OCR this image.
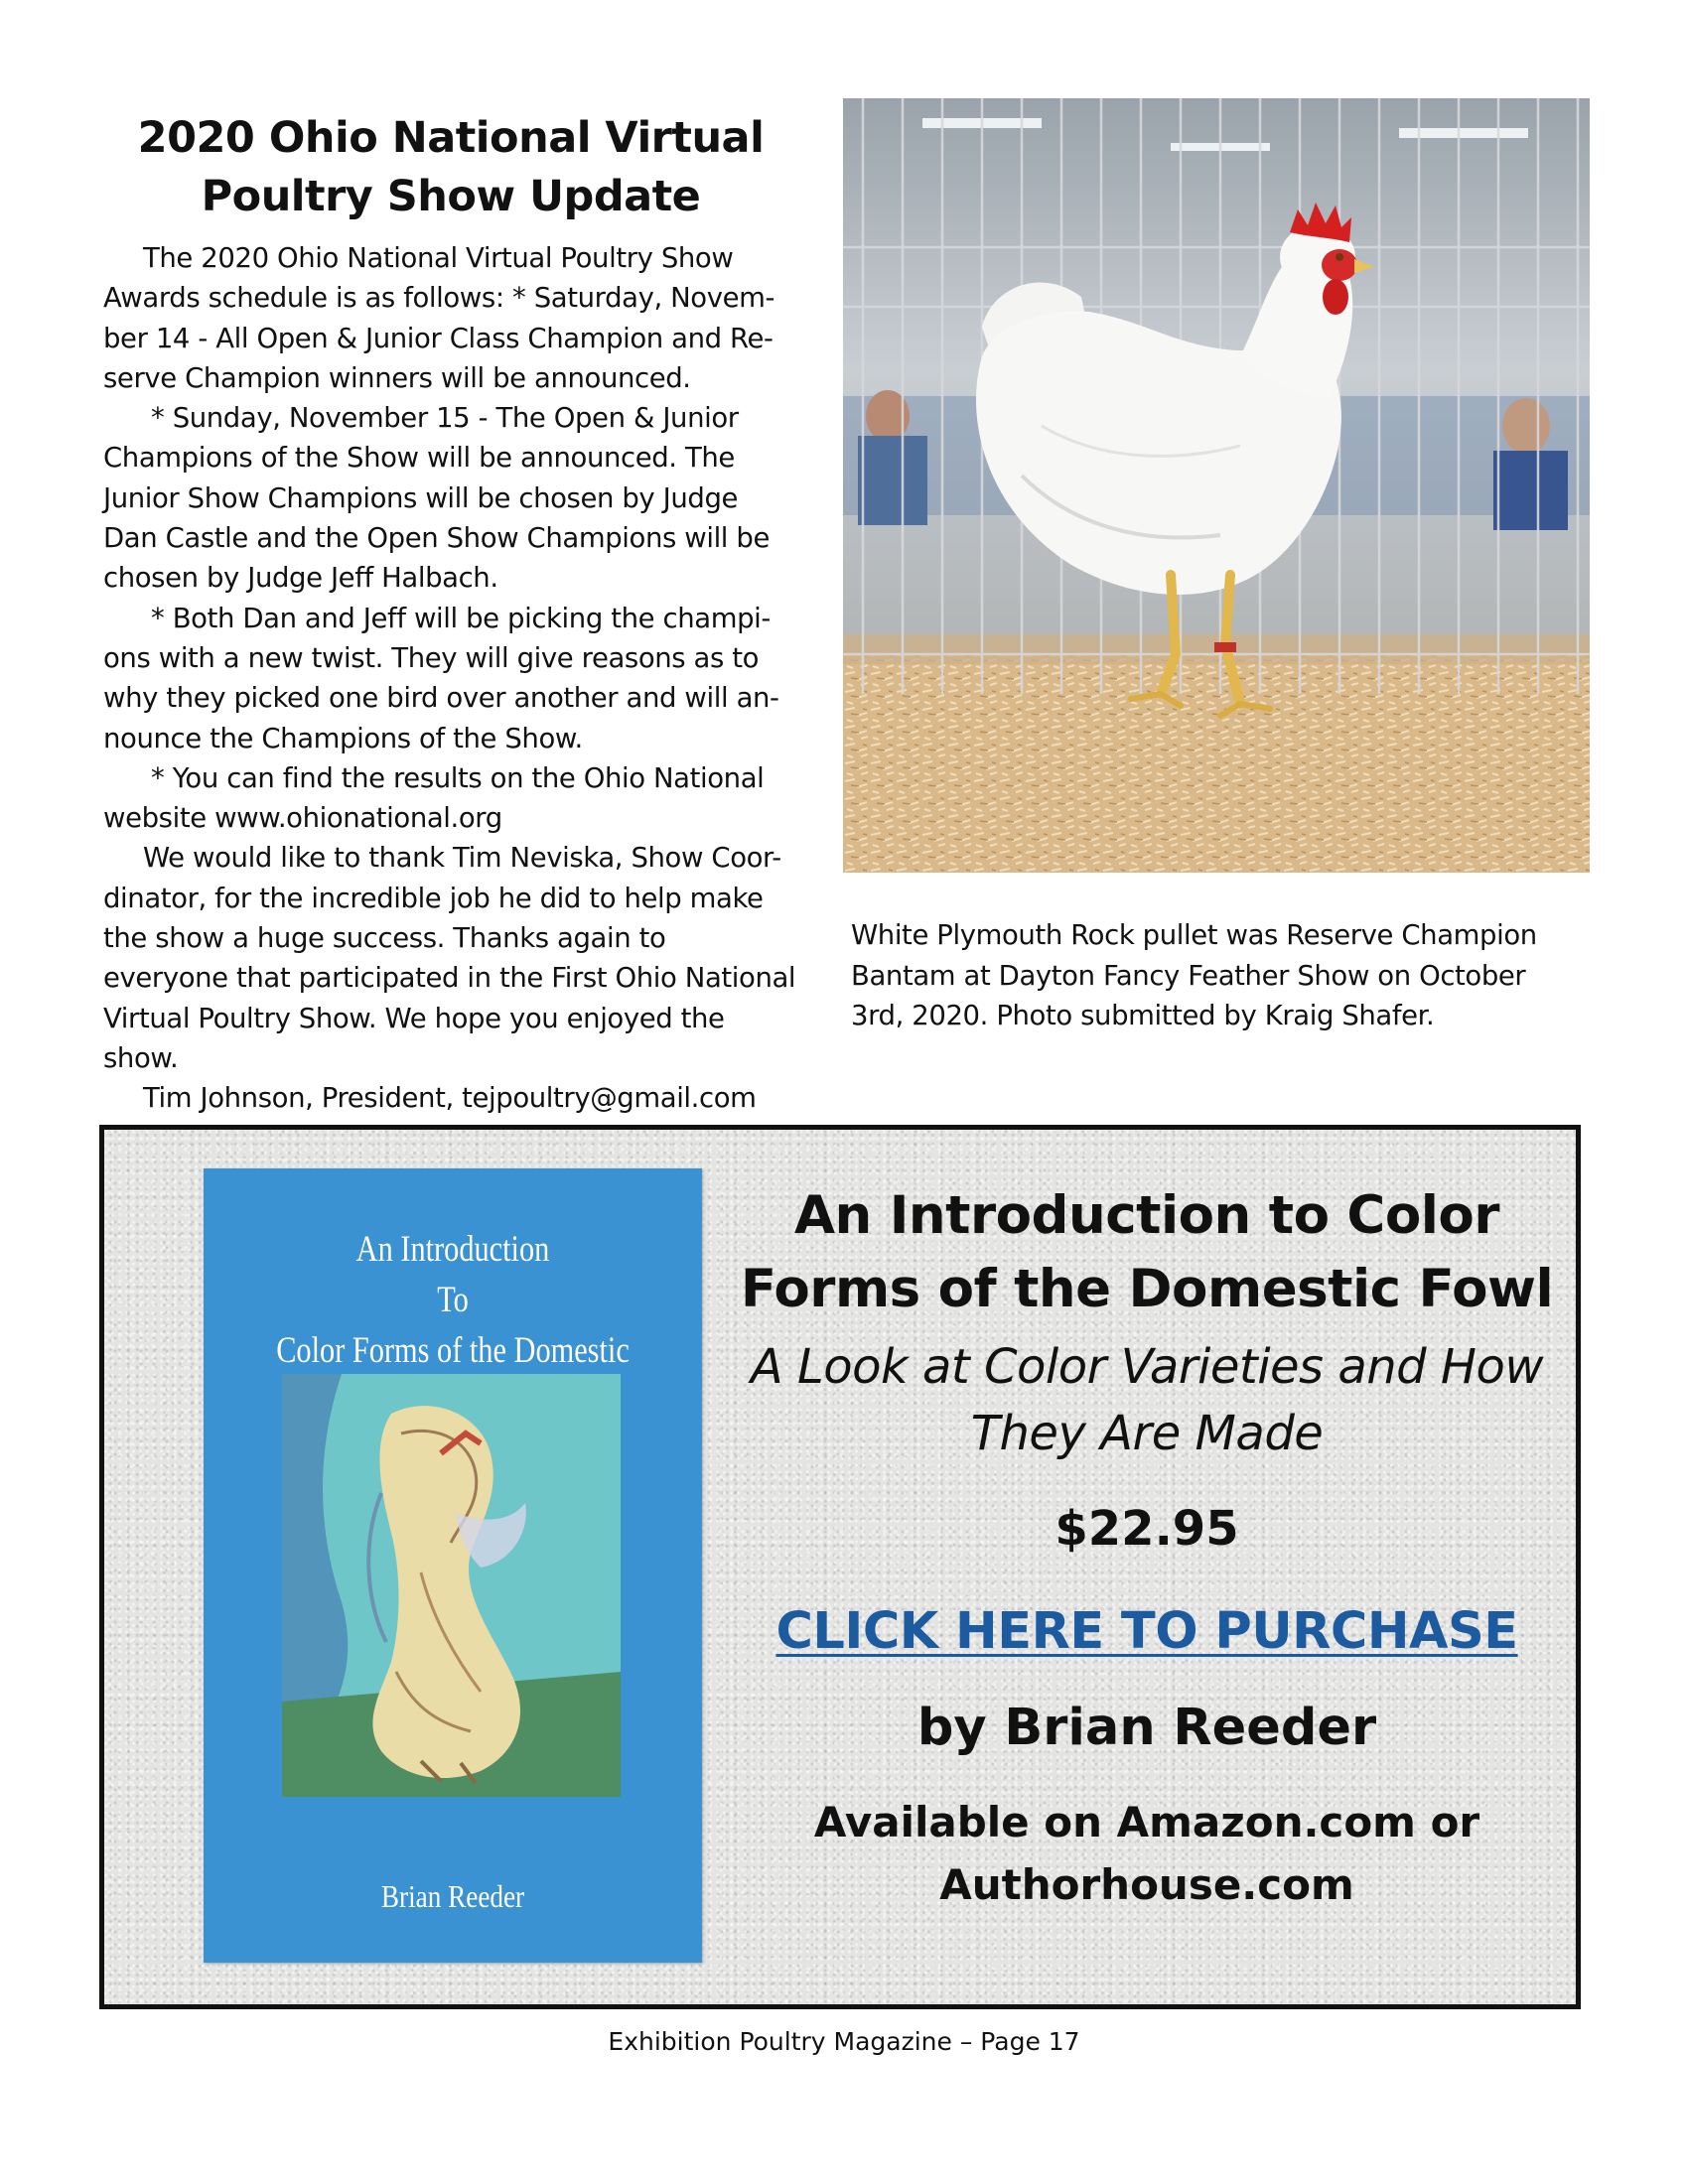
2020 Ohio National Virtual
Poultry Show Update

The 2020 Ohio National Virtual Poultry Show Awards schedule is as follows: * Saturday, Novem-ber 14 - All Open & Junior Class Champion and Re-serve Champion winners will be announced.

* Sunday, November 15 - The Open & Junior Champions of the Show will be announced. The Junior Show Champions will be chosen by Judge Dan Castle and the Open Show Champions will be chosen by Judge Jeff Halbach.

* Both Dan and Jeff will be picking the champi-ons with a new twist. They will give reasons as to why they picked one bird over another and will an-nounce the Champions of the Show.

* You can find the results on the Ohio National website www.ohionational.org

We would like to thank Tim Neviska, Show Coor-dinator, for the incredible job he did to help make the show a huge success. Thanks again to everyone that participated in the First Ohio National Virtual Poultry Show. We hope you enjoyed the show.

Tim Johnson, President, tejpoultry@gmail.com

White Plymouth Rock pullet was Reserve Champion Bantam at Dayton Fancy Feather Show on October 3rd, 2020. Photo submitted by Kraig Shafer.
An Introduction
To
Color Forms of the Domestic
Brian Reeder

An Introduction to Color
Forms of the Domestic Fowl

A Look at Color Varieties and How
They Are Made

$22.95

CLICK HERE TO PURCHASE

by Brian Reeder

Available on Amazon.com or
Authorhouse.com

Exhibition Poultry Magazine – Page 17
